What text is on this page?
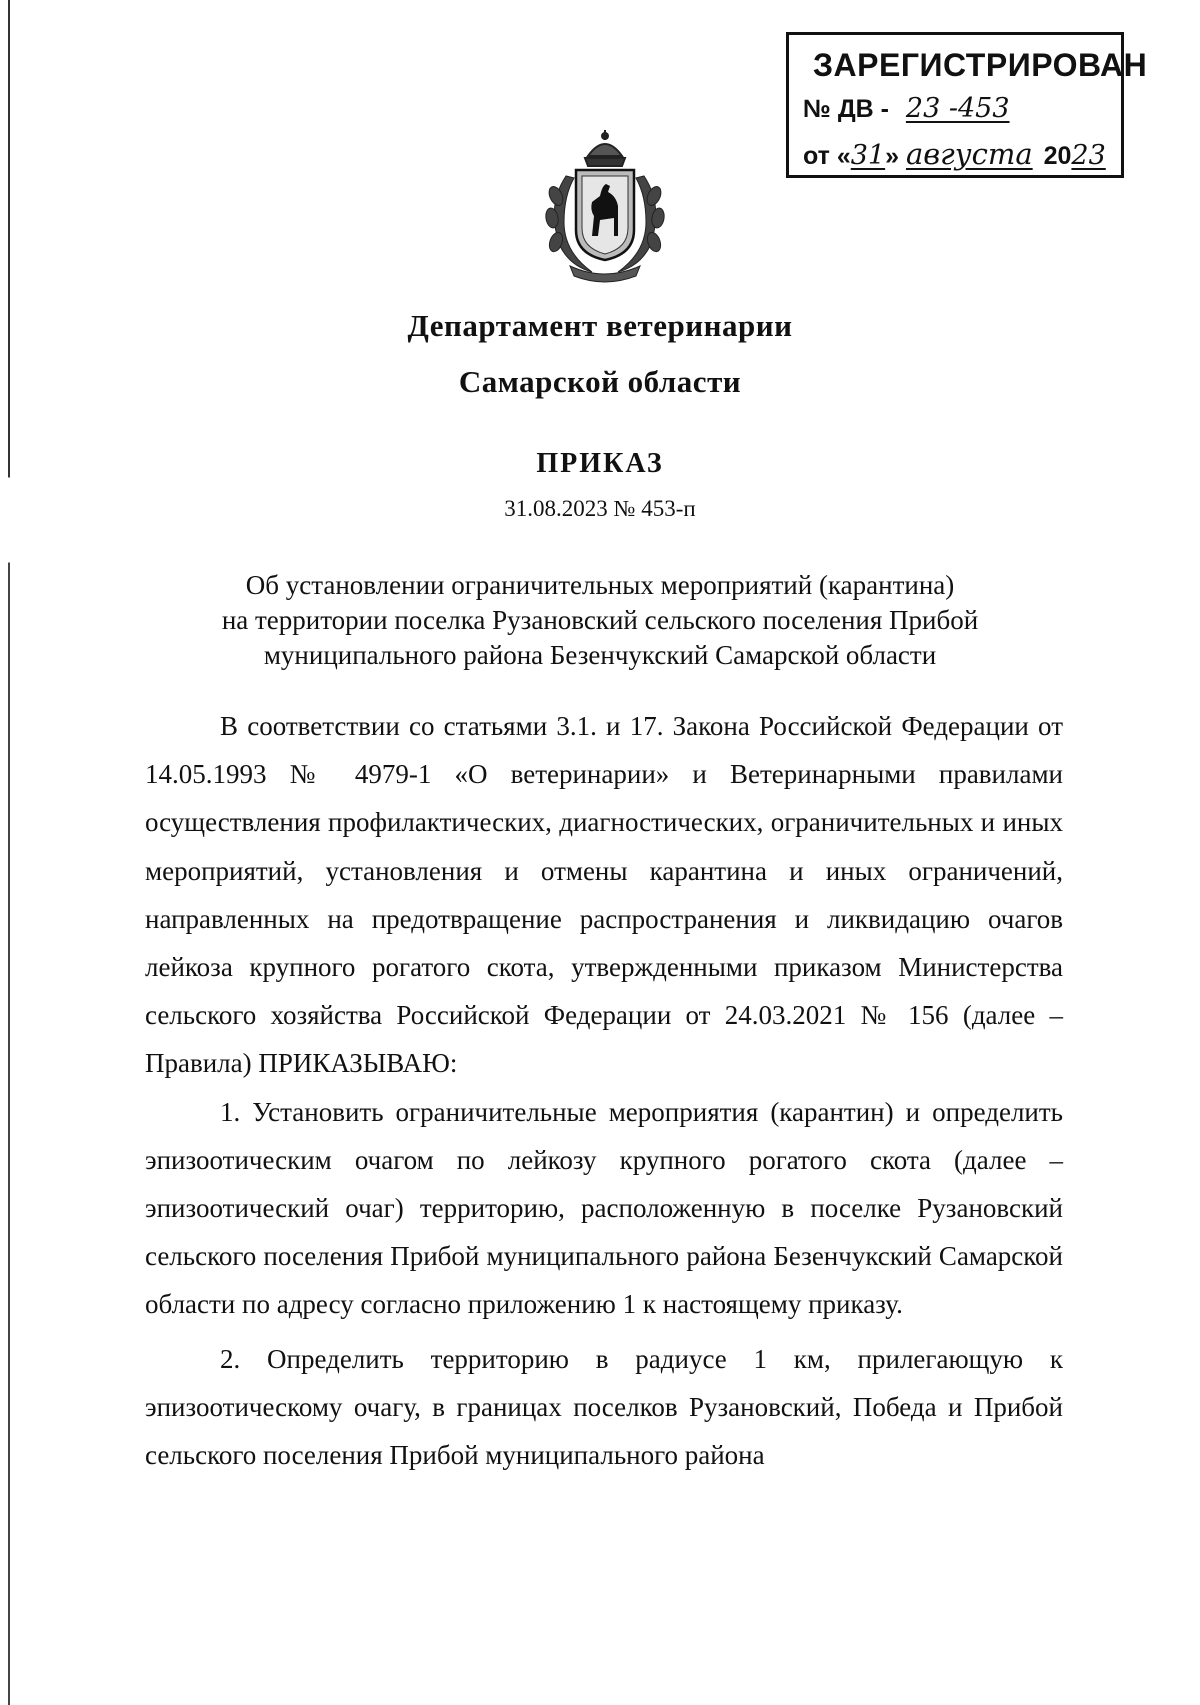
ЗАРЕГИСТРИРОВАН
№ ДВ - 23 -453
от «31» августа 2023
Департамент ветеринарии
Самарской области
ПРИКАЗ
31.08.2023 № 453-п
Об установлении ограничительных мероприятий (карантина)
на территории поселка Рузановский сельского поселения Прибой
муниципального района Безенчукский Самарской области

В соответствии со статьями 3.1. и 17. Закона Российской Федерации от 14.05.1993 № 4979-1 «О ветеринарии» и Ветеринарными правилами осуществления профилактических, диагностических, ограничительных и иных мероприятий, установления и отмены карантина и иных ограничений, направленных на предотвращение распространения и ликвидацию очагов лейкоза крупного рогатого скота, утвержденными приказом Министерства сельского хозяйства Российской Федерации от 24.03.2021 № 156 (далее – Правила) ПРИКАЗЫВАЮ:

1. Установить ограничительные мероприятия (карантин) и определить эпизоотическим очагом по лейкозу крупного рогатого скота (далее – эпизоотический очаг) территорию, расположенную в поселке Рузановский сельского поселения Прибой муниципального района Безенчукский Самарской области по адресу согласно приложению 1 к настоящему приказу.

2. Определить территорию в радиусе 1 км, прилегающую к эпизоотическому очагу, в границах поселков Рузановский, Победа и Прибой сельского поселения Прибой муниципального района
